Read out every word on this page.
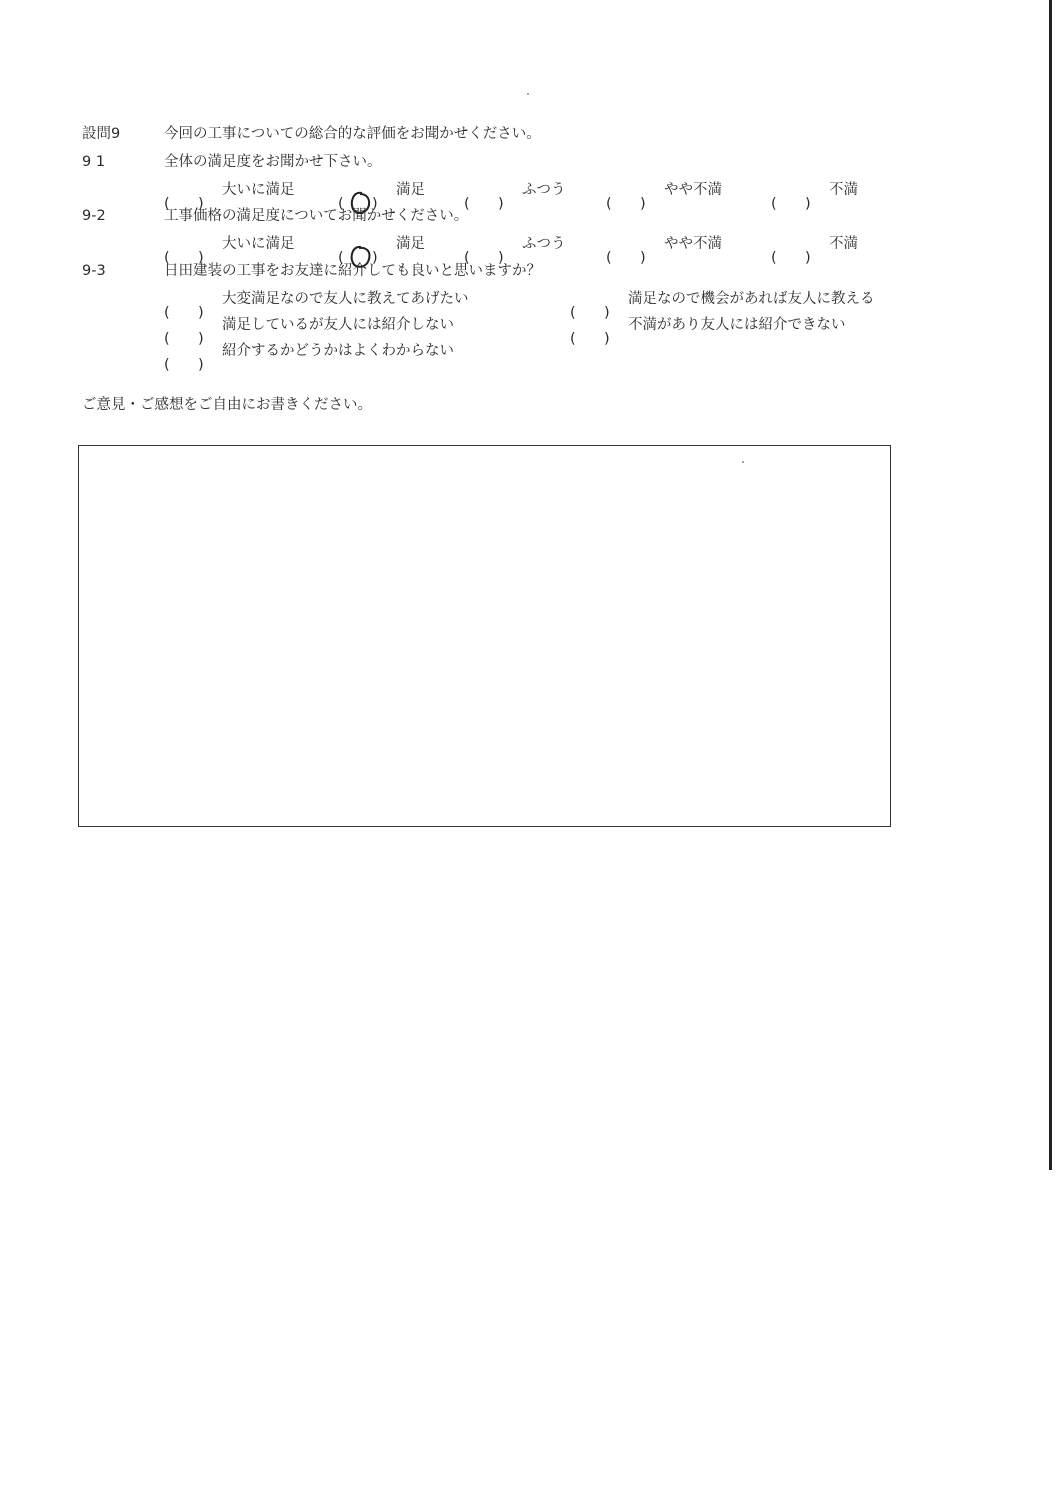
設問9	今回の工事についての総合的な評価をお聞かせください。
9 1	全体の満足度をお聞かせ下さい。
( )
大いに満足
( )
満足
( )
ふつう
( )
やや不満
( )
不満
9-2	工事価格の満足度についてお聞かせください。
( )
大いに満足
( )
満足
( )
ふつう
( )
やや不満
( )
不満
9-3	日田建装の工事をお友達に紹介しても良いと思いますか？
( )
大変満足なので友人に教えてあげたい
( )
満足なので機会があれば友人に教える
( )
満足しているが友人には紹介しない
( )
不満があり友人には紹介できない
( )
紹介するかどうかはよくわからない
ご意見・ご感想をご自由にお書きください。
